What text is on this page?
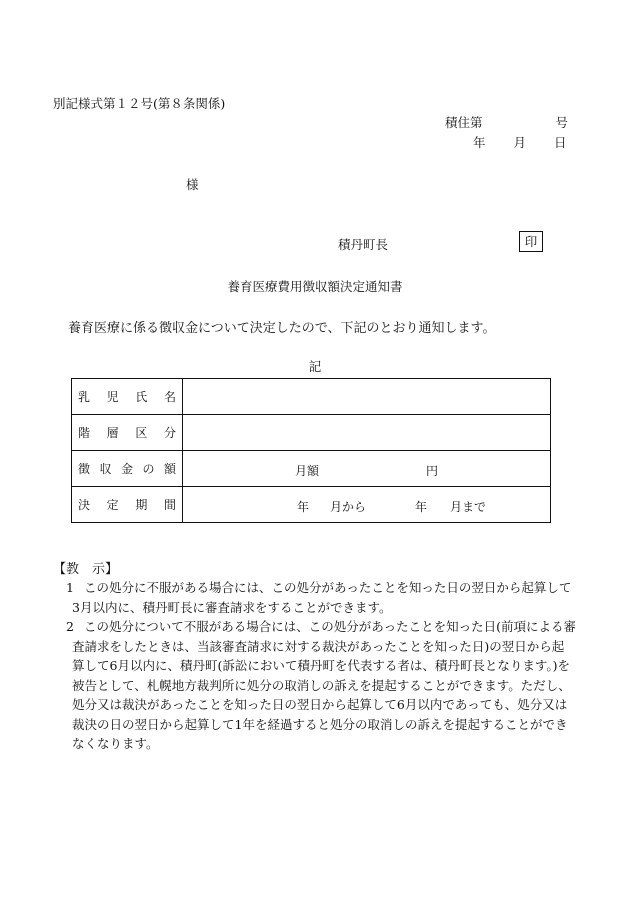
別記様式第１２号(第８条関係)
積住第	号
年 月 日
様
積丹町長	印
養育医療費用徴収額決定通知書
養育医療に係る徴収金について決定したので、下記のとおり通知します。
記
乳児氏名	
階層区分	
徴収金の額	月額 円

決定期間	年 月から 年 月まで
【教　示】
1 この処分に不服がある場合には、この処分があったことを知った日の翌日から起算して3月以内に、積丹町長に審査請求をすることができます。
2 この処分について不服がある場合には、この処分があったことを知った日(前項による審査請求をしたときは、当該審査請求に対する裁決があったことを知った日)の翌日から起算して6月以内に、積丹町(訴訟において積丹町を代表する者は、積丹町長となります。)を被告として、札幌地方裁判所に処分の取消しの訴えを提起することができます。ただし、処分又は裁決があったことを知った日の翌日から起算して6月以内であっても、処分又は裁決の日の翌日から起算して1年を経過すると処分の取消しの訴えを提起することができなくなります。
